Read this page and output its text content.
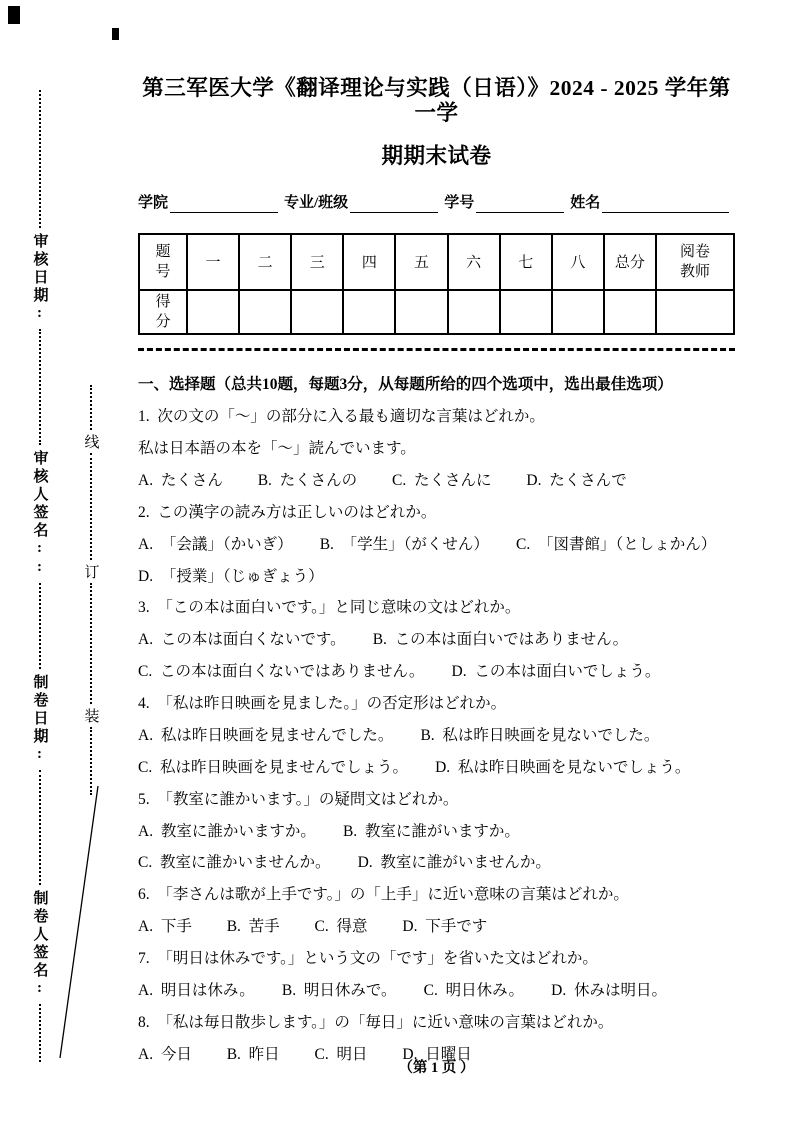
审核日期:
审核人签名::
制卷日期:
制卷人签名:
线
订
装
第三军医大学《翻译理论与实践（日语）》2024 - 2025 学年第一学
期期末试卷
学院	专业/班级	学号	姓名
题号	一	二	三	四	五	六	七	八	总分	阅卷教师
得分										
一、选择题（总共10题，每题3分，从每题所给的四个选项中，选出最佳选项）
1.  次の文の「～」の部分に入る最も適切な言葉はどれか。
私は日本語の本を「～」読んでいます。
A.  たくさん　　 B.  たくさんの　　 C.  たくさんに　　 D.  たくさんで
2.  この漢字の読み方は正しいのはどれか。
A.  「会議」（かいぎ）　　 B.  「学生」（がくせん）　　 C.  「図書館」（としょかん）
D.  「授業」（じゅぎょう）
3.  「この本は面白いです。」と同じ意味の文はどれか。
A.  この本は面白くないです。　　 B.  この本は面白いではありません。
C.  この本は面白くないではありません。　　 D.  この本は面白いでしょう。
4.  「私は昨日映画を見ました。」の否定形はどれか。
A.  私は昨日映画を見ませんでした。　　 B.  私は昨日映画を見ないでした。
C.  私は昨日映画を見ませんでしょう。　　 D.  私は昨日映画を見ないでしょう。
5.  「教室に誰かいます。」の疑問文はどれか。
A.  教室に誰かいますか。　　 B.  教室に誰がいますか。
C.  教室に誰かいませんか。　　 D.  教室に誰がいませんか。
6.  「李さんは歌が上手です。」の「上手」に近い意味の言葉はどれか。
A.  下手　　 B.  苦手　　 C.  得意　　 D.  下手です
7.  「明日は休みです。」という文の「です」を省いた文はどれか。
A.  明日は休み。　　 B.  明日休みで。　　 C.  明日休み。　　 D.  休みは明日。
8.  「私は毎日散歩します。」の「毎日」に近い意味の言葉はどれか。
A.  今日　　 B.  昨日　　 C.  明日　　 D.  日曜日
（第 1 页 ）
